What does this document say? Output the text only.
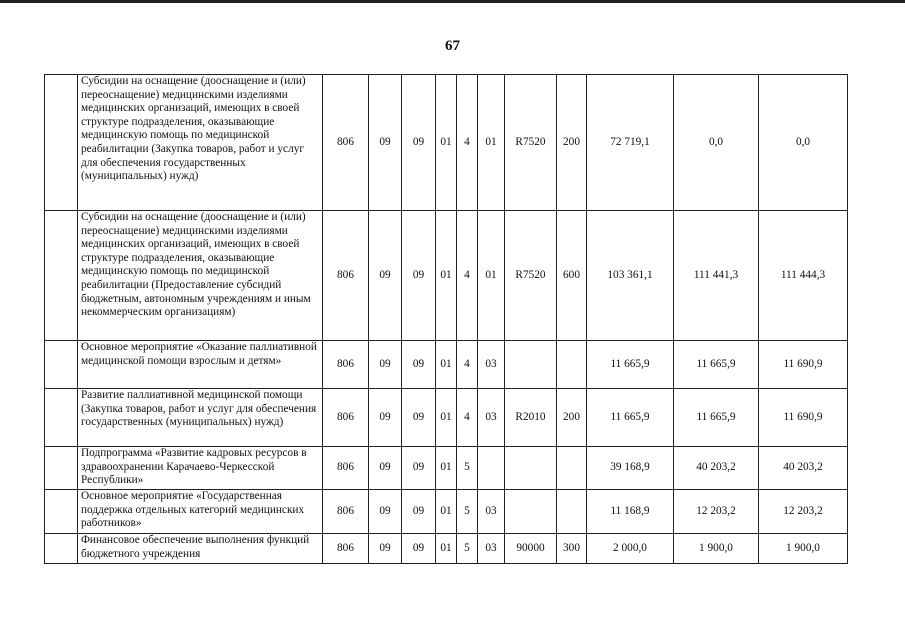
67
	Субсидии на оснащение (дооснащение и (или) переоснащение) медицинскими изделиями медицинских организаций, имеющих в своей структуре подразделения, оказывающие медицинскую помощь по медицинской реабилитации (Закупка товаров, работ и услуг для обеспечения государственных (муниципальных) нужд)	806	09	09	01	4	01	R7520	200	72 719,1	0,0	0,0
	Субсидии на оснащение (дооснащение и (или) переоснащение) медицинскими изделиями медицинских организаций, имеющих в своей структуре подразделения, оказывающие медицинскую помощь по медицинской реабилитации (Предоставление субсидий бюджетным, автономным учреждениям и иным некоммерческим организациям)	806	09	09	01	4	01	R7520	600	103 361,1	111 441,3	111 444,3
	Основное мероприятие «Оказание паллиативной медицинской помощи взрослым и детям»	806	09	09	01	4	03			11 665,9	11 665,9	11 690,9
	Развитие паллиативной медицинской помощи (Закупка товаров, работ и услуг для обеспечения государственных (муниципальных) нужд)	806	09	09	01	4	03	R2010	200	11 665,9	11 665,9	11 690,9
	Подпрограмма «Развитие кадровых ресурсов в здравоохранении Карачаево-Черкесской Республики»	806	09	09	01	5				39 168,9	40 203,2	40 203,2
	Основное мероприятие «Государственная поддержка отдельных категорий медицинских работников»	806	09	09	01	5	03			11 168,9	12 203,2	12 203,2
	Финансовое обеспечение выполнения функций бюджетного учреждения	806	09	09	01	5	03	90000	300	2 000,0	1 900,0	1 900,0
